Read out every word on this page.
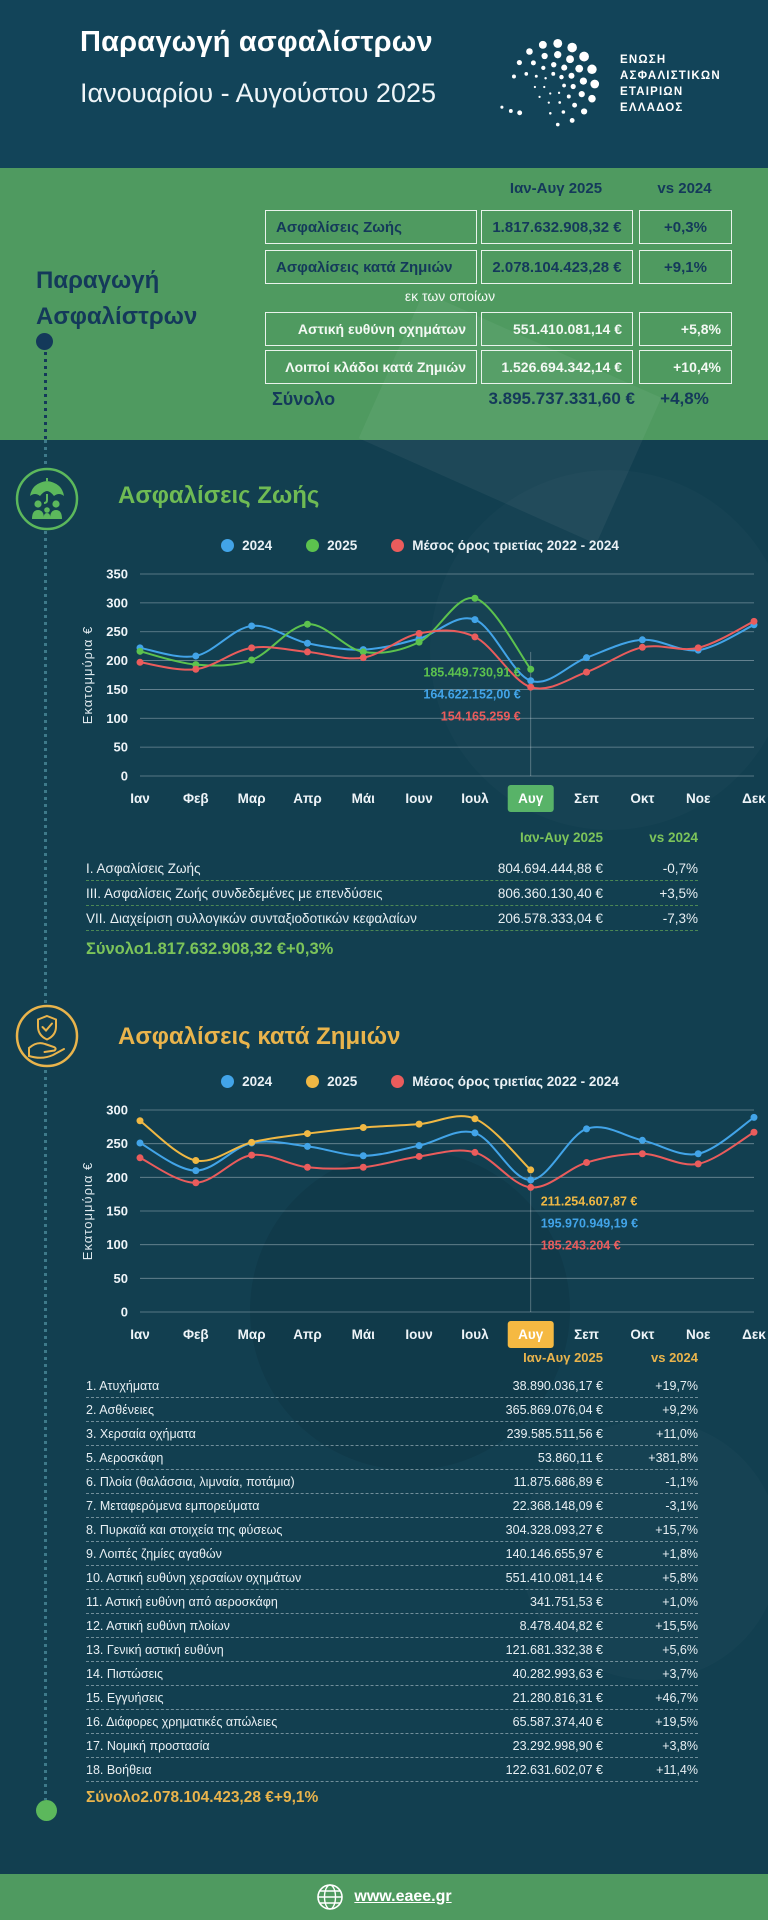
Παραγωγή ασφαλίστρων
Ιανουαρίου - Αυγούστου 2025
ΕΝΩΣΗ
ΑΣΦΑΛΙΣΤΙΚΩΝ
ΕΤΑΙΡΙΩΝ
ΕΛΛΑΔΟΣ
Παραγωγή
Ασφαλίστρων
Ιαν-Αυγ 2025	vs 2024
Ασφαλίσεις Ζωής	1.817.632.908,32 €	+0,3%
Ασφαλίσεις κατά Ζημιών	2.078.104.423,28 €	+9,1%
εκ των οποίων
Αστική ευθύνη οχημάτων	551.410.081,14 €	+5,8%
Λοιποί κλάδοι κατά Ζημιών	1.526.694.342,14 €	+10,4%
Σύνολο	3.895.737.331,60 €	+4,8%
Ασφαλίσεις Ζωής
2024	2025	Μέσος όρος τριετίας 2022 - 2024
0
50
100
150
200
250
300
350
Εκατομμύρια €
Ιαν Φεβ Μαρ Απρ Μάι Ιουν Ιουλ Αυγ Σεπ Οκτ Νοε Δεκ
185.449.730,91 €
164.622.152,00 €
154.165.259 €
Ιαν-Αυγ 2025	vs 2024
Ι. Ασφαλίσεις Ζωής	804.694.444,88 €	-0,7%
ΙΙΙ. Ασφαλίσεις Ζωής συνδεδεμένες με επενδύσεις	806.360.130,40 €	+3,5%
VII. Διαχείριση συλλογικών συνταξιοδοτικών κεφαλαίων	206.578.333,04 €	-7,3%
Σύνολο 1.817.632.908,32 € +0,3%
Ασφαλίσεις κατά Ζημιών
2024	2025	Μέσος όρος τριετίας 2022 - 2024
0
50
100
150
200
250
300
Εκατομμύρια €
Ιαν Φεβ Μαρ Απρ Μάι Ιουν Ιουλ Αυγ Σεπ Οκτ Νοε Δεκ
211.254.607,87 €
195.970.949,19 €
185.243.204 €
Ιαν-Αυγ 2025	vs 2024
1. Ατυχήματα	38.890.036,17 €	+19,7%
2. Ασθένειες	365.869.076,04 €	+9,2%
3. Χερσαία οχήματα	239.585.511,56 €	+11,0%
5. Αεροσκάφη	53.860,11 €	+381,8%
6. Πλοία (θαλάσσια, λιμναία, ποτάμια)	11.875.686,89 €	-1,1%
7. Μεταφερόμενα εμπορεύματα	22.368.148,09 €	-3,1%
8. Πυρκαϊά και στοιχεία της φύσεως	304.328.093,27 €	+15,7%
9. Λοιπές ζημίες αγαθών	140.146.655,97 €	+1,8%
10. Αστική ευθύνη χερσαίων οχημάτων	551.410.081,14 €	+5,8%
11. Αστική ευθύνη από αεροσκάφη	341.751,53 €	+1,0%
12. Αστική ευθύνη πλοίων	8.478.404,82 €	+15,5%
13. Γενική αστική ευθύνη	121.681.332,38 €	+5,6%
14. Πιστώσεις	40.282.993,63 €	+3,7%
15. Εγγυήσεις	21.280.816,31 €	+46,7%
16. Διάφορες χρηματικές απώλειες	65.587.374,40 €	+19,5%
17. Νομική προστασία	23.292.998,90 €	+3,8%
18. Βοήθεια	122.631.602,07 €	+11,4%
Σύνολο 2.078.104.423,28 € +9,1%
www.eaee.gr
